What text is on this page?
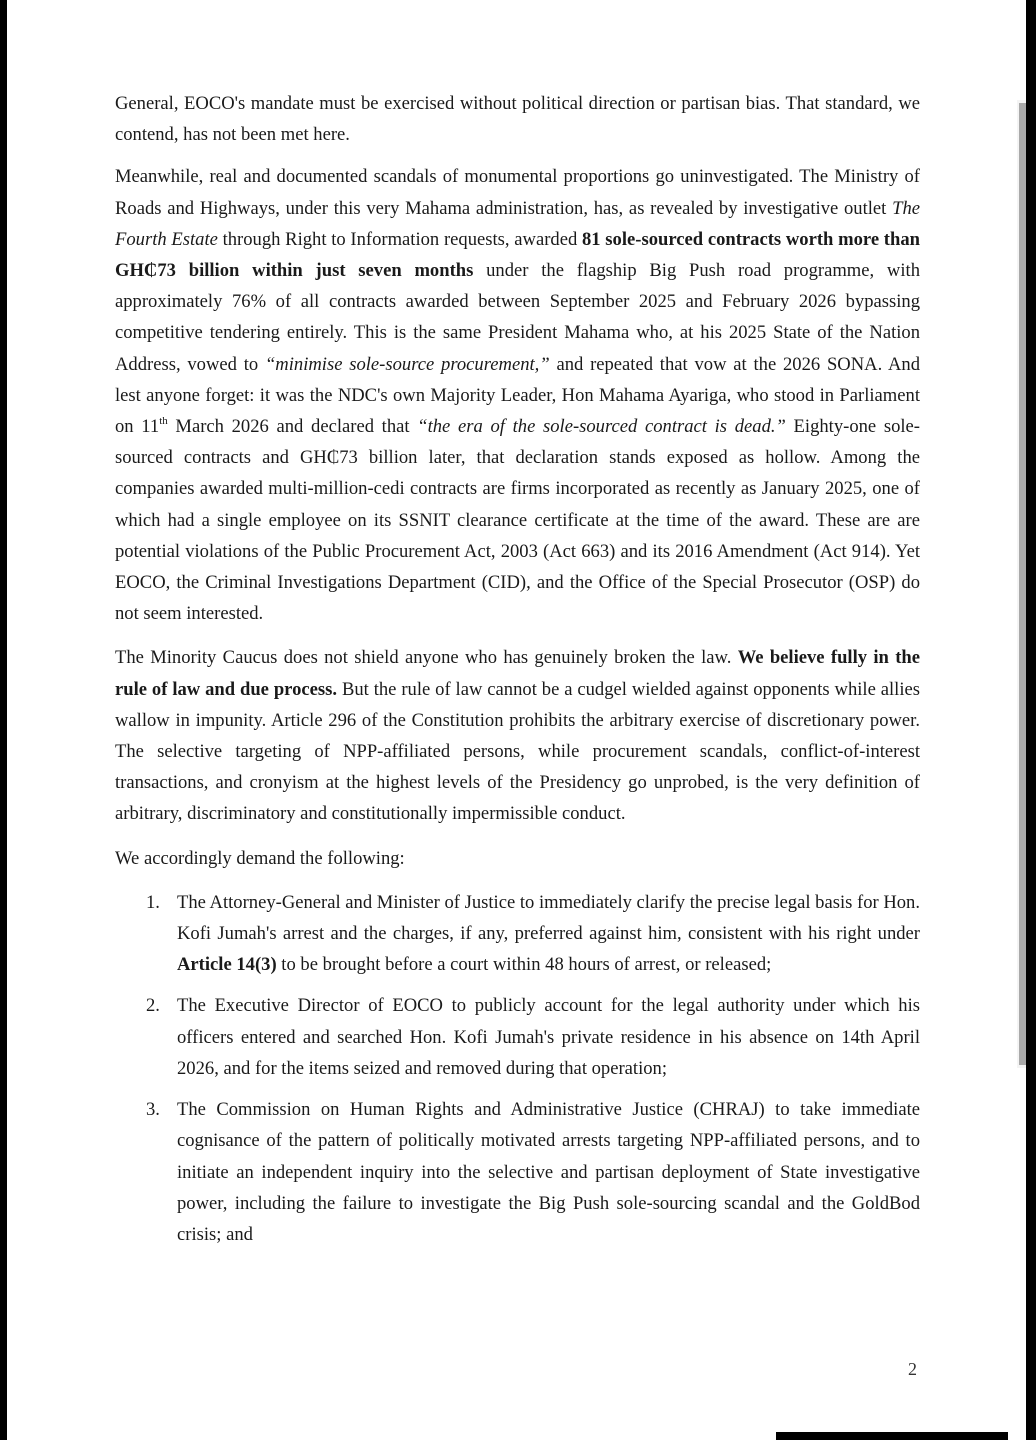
General, EOCO's mandate must be exercised without political direction or partisan bias. That standard, we contend, has not been met here.

Meanwhile, real and documented scandals of monumental proportions go uninvestigated. The Ministry of Roads and Highways, under this very Mahama administration, has, as revealed by investigative outlet The Fourth Estate through Right to Information requests, awarded 81 sole-sourced contracts worth more than GH₵73 billion within just seven months under the flagship Big Push road programme, with approximately 76% of all contracts awarded between September 2025 and February 2026 bypassing competitive tendering entirely. This is the same President Mahama who, at his 2025 State of the Nation Address, vowed to “minimise sole-source procurement,” and repeated that vow at the 2026 SONA. And lest anyone forget: it was the NDC's own Majority Leader, Hon Mahama Ayariga, who stood in Parliament on 11th March 2026 and declared that “the era of the sole-sourced contract is dead.” Eighty-one sole-sourced contracts and GH₵73 billion later, that declaration stands exposed as hollow. Among the companies awarded multi-million-cedi contracts are firms incorporated as recently as January 2025, one of which had a single employee on its SSNIT clearance certificate at the time of the award. These are are potential violations of the Public Procurement Act, 2003 (Act 663) and its 2016 Amendment (Act 914). Yet EOCO, the Criminal Investigations Department (CID), and the Office of the Special Prosecutor (OSP) do not seem interested.

The Minority Caucus does not shield anyone who has genuinely broken the law. We believe fully in the rule of law and due process. But the rule of law cannot be a cudgel wielded against opponents while allies wallow in impunity. Article 296 of the Constitution prohibits the arbitrary exercise of discretionary power. The selective targeting of NPP-affiliated persons, while procurement scandals, conflict-of-interest transactions, and cronyism at the highest levels of the Presidency go unprobed, is the very definition of arbitrary, discriminatory and constitutionally impermissible conduct.

We accordingly demand the following:

1. The Attorney-General and Minister of Justice to immediately clarify the precise legal basis for Hon. Kofi Jumah's arrest and the charges, if any, preferred against him, consistent with his right under Article 14(3) to be brought before a court within 48 hours of arrest, or released;
2. The Executive Director of EOCO to publicly account for the legal authority under which his officers entered and searched Hon. Kofi Jumah's private residence in his absence on 14th April 2026, and for the items seized and removed during that operation;
3. The Commission on Human Rights and Administrative Justice (CHRAJ) to take immediate cognisance of the pattern of politically motivated arrests targeting NPP-affiliated persons, and to initiate an independent inquiry into the selective and partisan deployment of State investigative power, including the failure to investigate the Big Push sole-sourcing scandal and the GoldBod crisis; and
2
